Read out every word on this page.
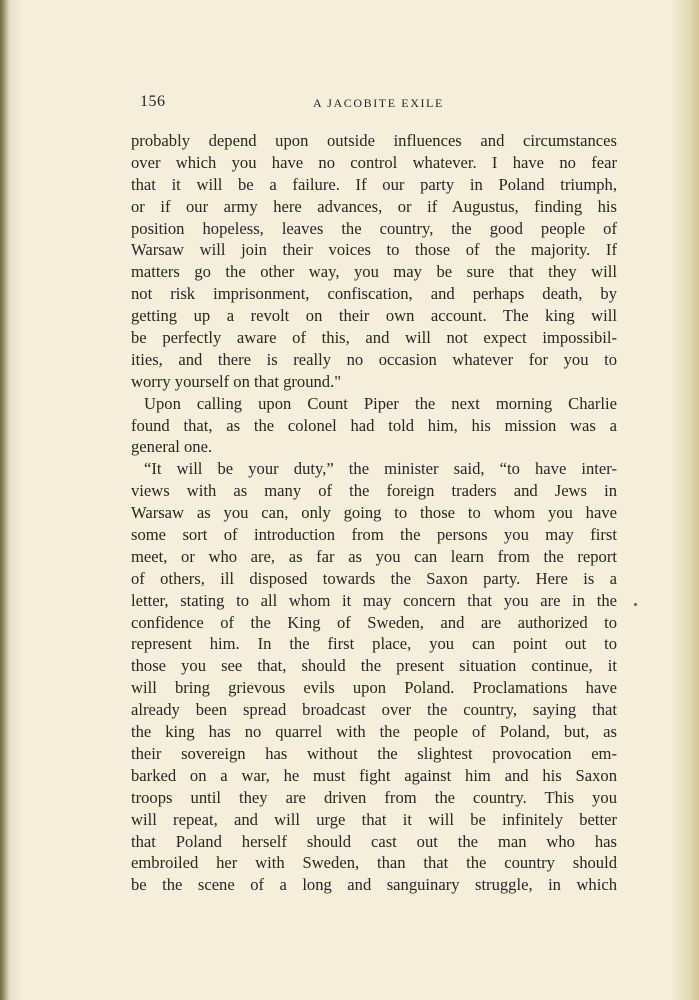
156	A JACOBITE EXILE
probably depend upon outside influences and circumstances
over which you have no control whatever. I have no fear
that it will be a failure. If our party in Poland triumph,
or if our army here advances, or if Augustus, finding his
position hopeless, leaves the country, the good people of
Warsaw will join their voices to those of the majority. If
matters go the other way, you may be sure that they will
not risk imprisonment, confiscation, and perhaps death, by
getting up a revolt on their own account. The king will
be perfectly aware of this, and will not expect impossibil-
ities, and there is really no occasion whatever for you to
worry yourself on that ground."
Upon calling upon Count Piper the next morning Charlie
found that, as the colonel had told him, his mission was a
general one.
“It will be your duty,” the minister said, “to have inter-
views with as many of the foreign traders and Jews in
Warsaw as you can, only going to those to whom you have
some sort of introduction from the persons you may first
meet, or who are, as far as you can learn from the report
of others, ill disposed towards the Saxon party. Here is a
letter, stating to all whom it may concern that you are in the
confidence of the King of Sweden, and are authorized to
represent him. In the first place, you can point out to
those you see that, should the present situation continue, it
will bring grievous evils upon Poland. Proclamations have
already been spread broadcast over the country, saying that
the king has no quarrel with the people of Poland, but, as
their sovereign has without the slightest provocation em-
barked on a war, he must fight against him and his Saxon
troops until they are driven from the country. This you
will repeat, and will urge that it will be infinitely better
that Poland herself should cast out the man who has
embroiled her with Sweden, than that the country should
be the scene of a long and sanguinary struggle, in which
